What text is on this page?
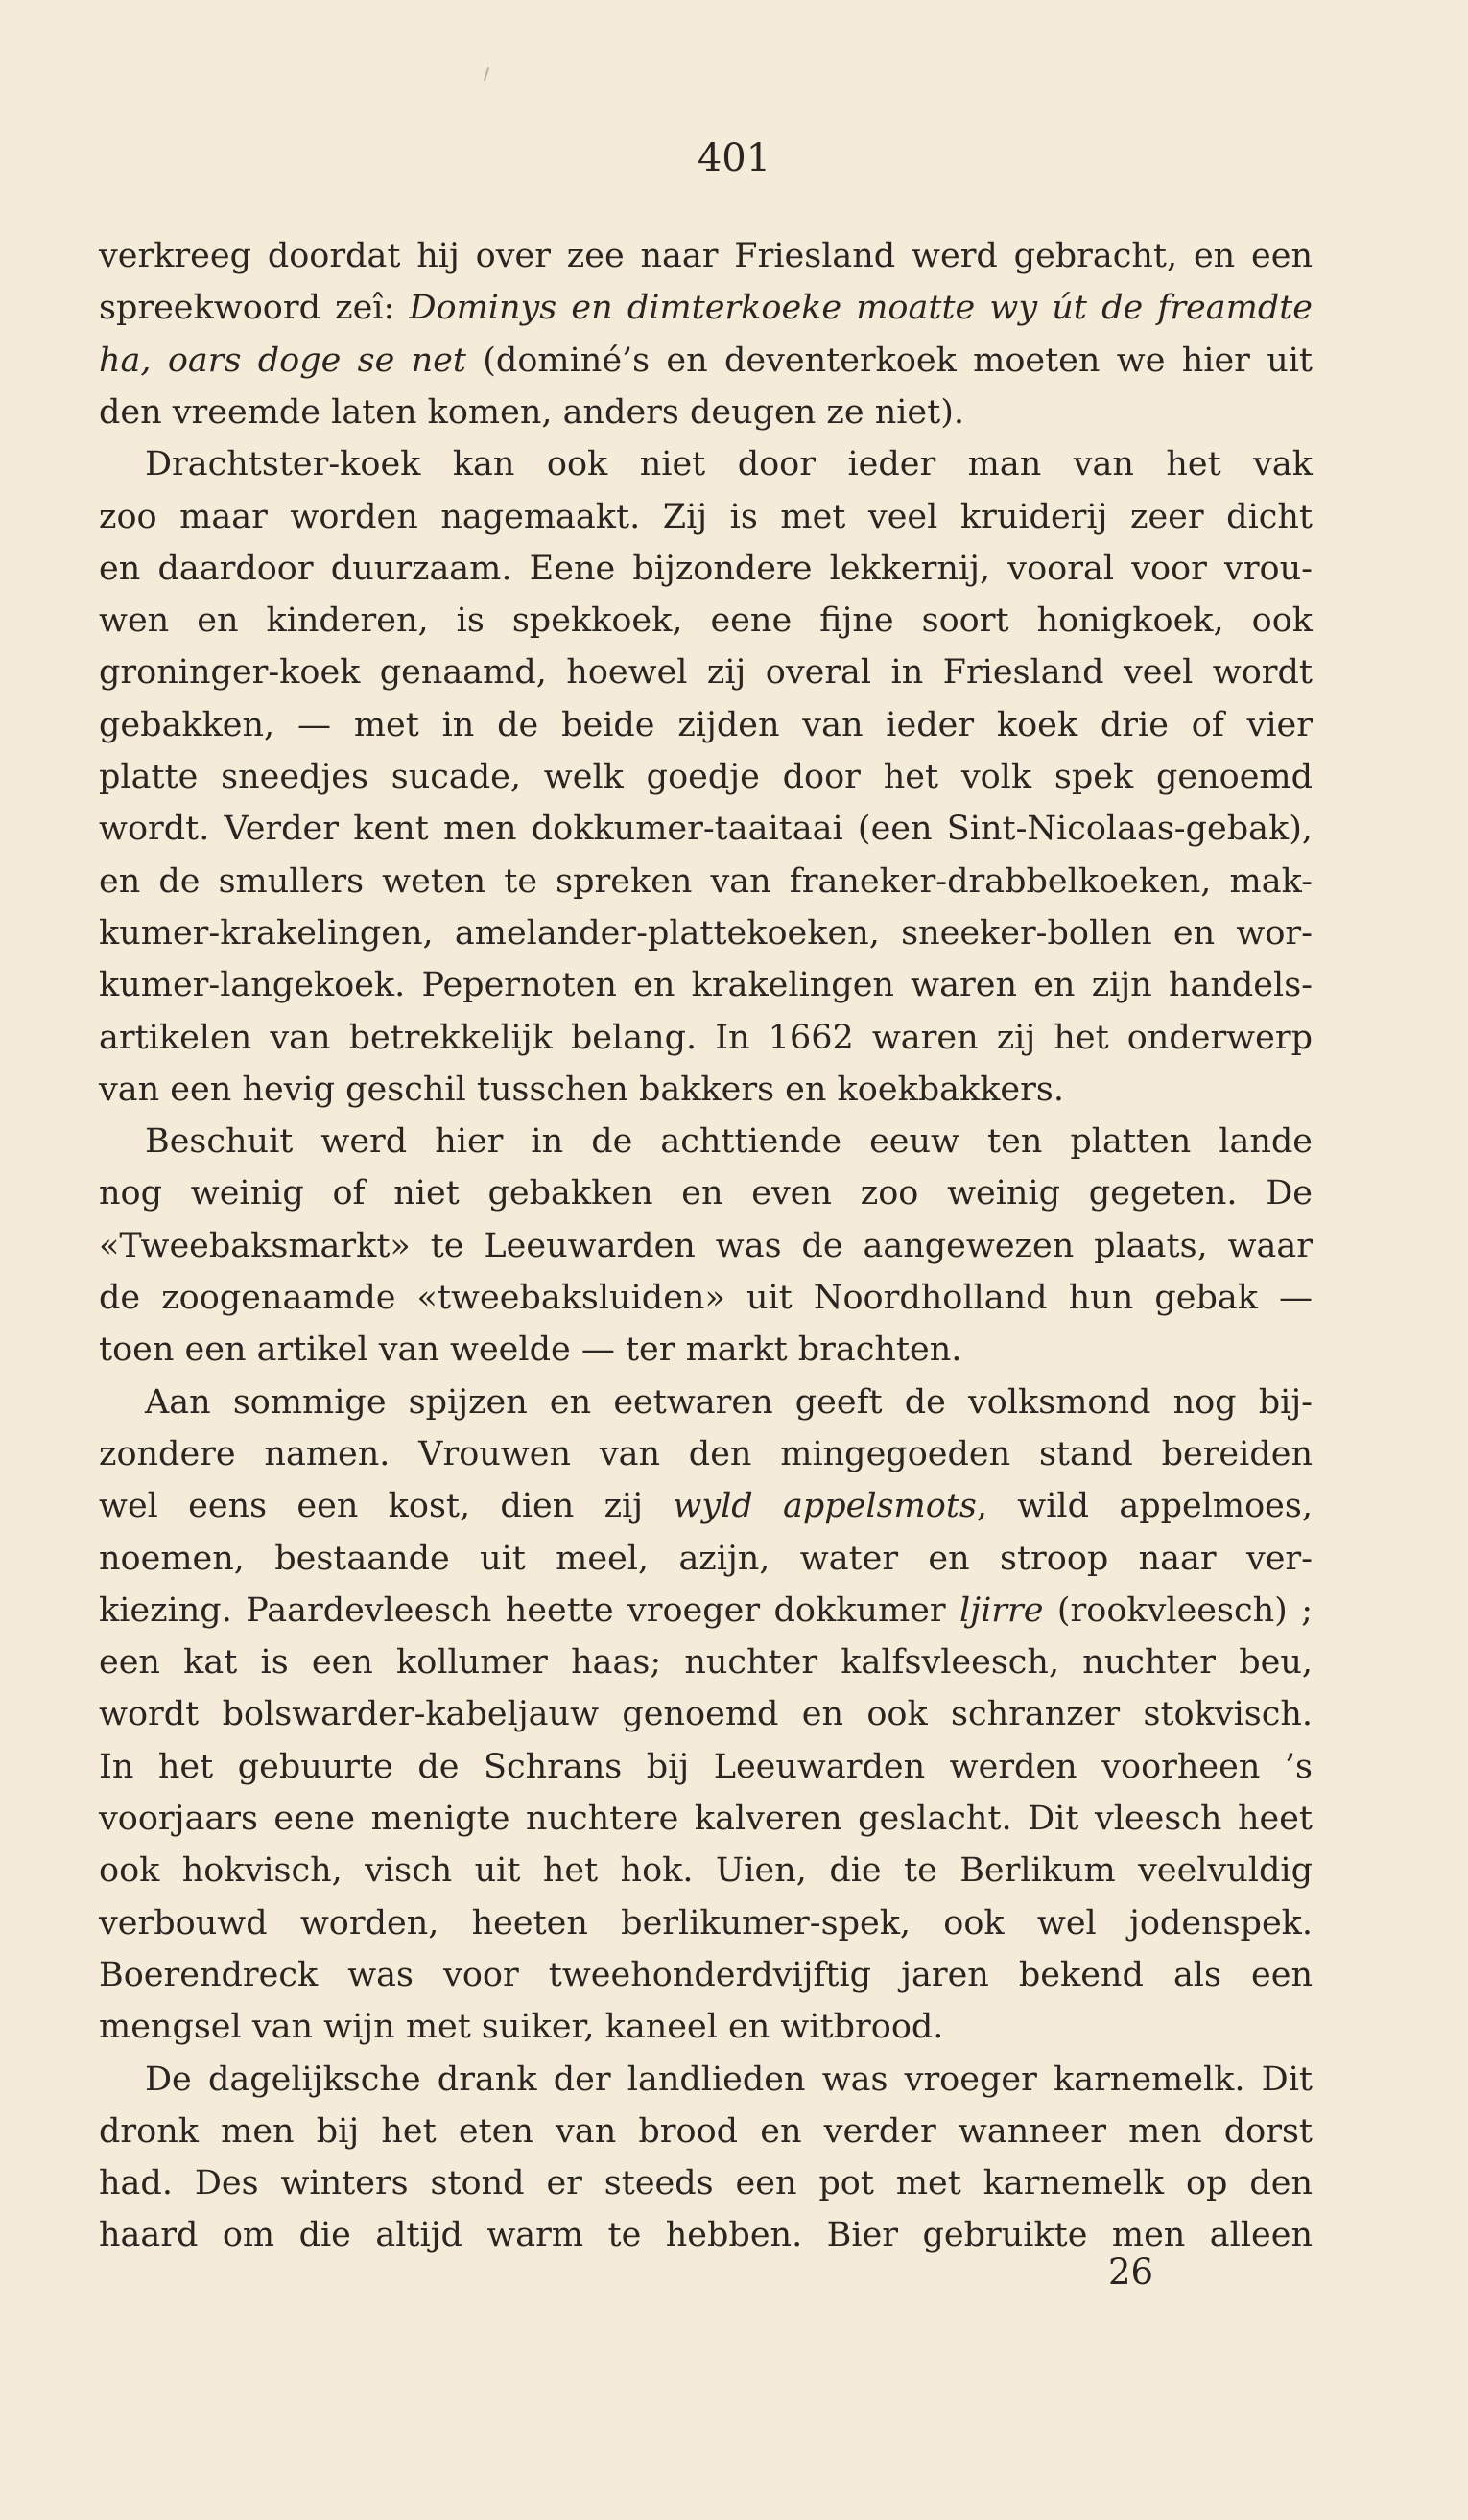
401
verkreeg doordat hij over zee naar Friesland werd gebracht, en een
spreekwoord zeî: Dominys en dimterkoeke moatte wy út de freamdte
ha, oars doge se net (dominé’s en deventerkoek moeten we hier uit
den vreemde laten komen, anders deugen ze niet).
Drachtster-koek kan ook niet door ieder man van het vak
zoo maar worden nagemaakt. Zij is met veel kruiderij zeer dicht
en daardoor duurzaam. Eene bijzondere lekkernij, vooral voor vrou-
wen en kinderen, is spekkoek, eene fijne soort honigkoek, ook
groninger-koek genaamd, hoewel zij overal in Friesland veel wordt
gebakken, — met in de beide zijden van ieder koek drie of vier
platte sneedjes sucade, welk goedje door het volk spek genoemd
wordt. Verder kent men dokkumer-taaitaai (een Sint-Nicolaas-gebak),
en de smullers weten te spreken van franeker-drabbelkoeken, mak-
kumer-krakelingen, amelander-plattekoeken, sneeker-bollen en wor-
kumer-langekoek. Pepernoten en krakelingen waren en zijn handels-
artikelen van betrekkelijk belang. In 1662 waren zij het onderwerp
van een hevig geschil tusschen bakkers en koekbakkers.
Beschuit werd hier in de achttiende eeuw ten platten lande
nog weinig of niet gebakken en even zoo weinig gegeten. De
«Tweebaksmarkt» te Leeuwarden was de aangewezen plaats, waar
de zoogenaamde «tweebaksluiden» uit Noordholland hun gebak —
toen een artikel van weelde — ter markt brachten.
Aan sommige spijzen en eetwaren geeft de volksmond nog bij-
zondere namen. Vrouwen van den mingegoeden stand bereiden
wel eens een kost, dien zij wyld appelsmots, wild appelmoes,
noemen, bestaande uit meel, azijn, water en stroop naar ver-
kiezing. Paardevleesch heette vroeger dokkumer ljirre (rookvleesch) ;
een kat is een kollumer haas; nuchter kalfsvleesch, nuchter beu,
wordt bolswarder-kabeljauw genoemd en ook schranzer stokvisch.
In het gebuurte de Schrans bij Leeuwarden werden voorheen ’s
voorjaars eene menigte nuchtere kalveren geslacht. Dit vleesch heet
ook hokvisch, visch uit het hok. Uien, die te Berlikum veelvuldig
verbouwd worden, heeten berlikumer-spek, ook wel jodenspek.
Boerendreck was voor tweehonderdvijftig jaren bekend als een
mengsel van wijn met suiker, kaneel en witbrood.
De dagelijksche drank der landlieden was vroeger karnemelk. Dit
dronk men bij het eten van brood en verder wanneer men dorst
had. Des winters stond er steeds een pot met karnemelk op den
haard om die altijd warm te hebben. Bier gebruikte men alleen
26
